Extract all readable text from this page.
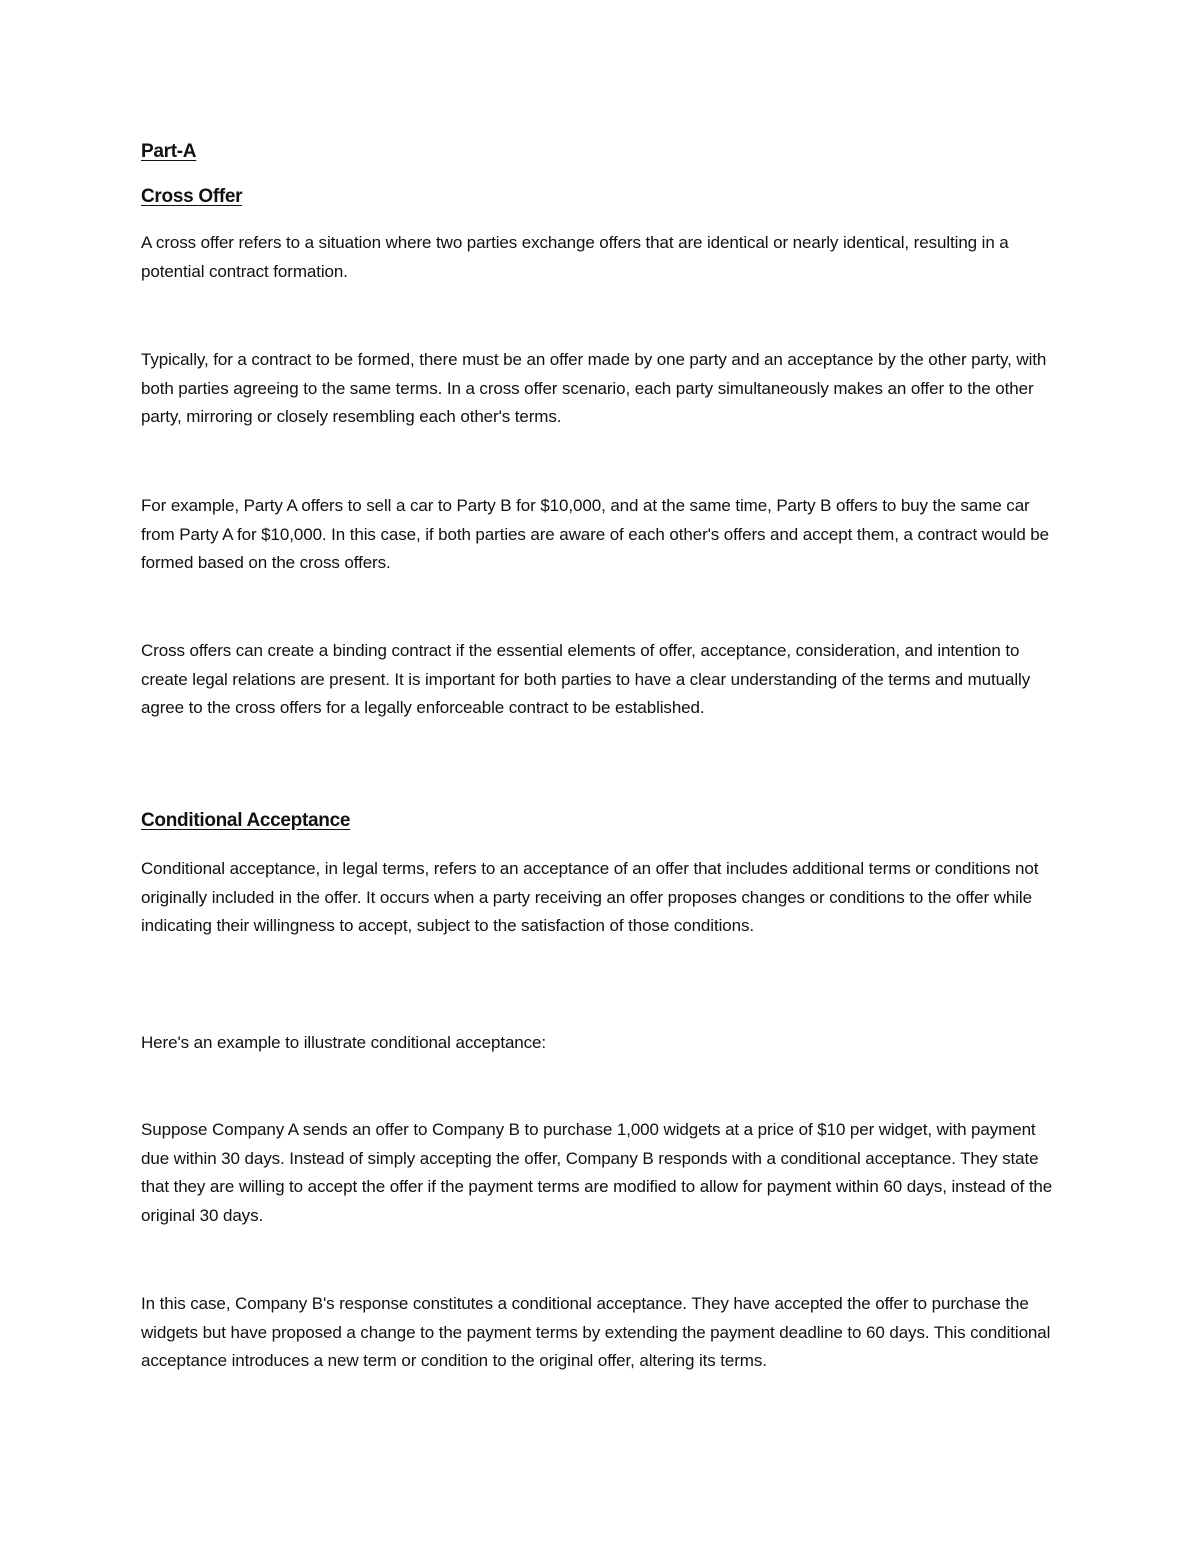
Part-A
Cross Offer

A cross offer refers to a situation where two parties exchange offers that are identical or nearly identical, resulting in a potential contract formation.

Typically, for a contract to be formed, there must be an offer made by one party and an acceptance by the other party, with both parties agreeing to the same terms. In a cross offer scenario, each party simultaneously makes an offer to the other party, mirroring or closely resembling each other's terms.

For example, Party A offers to sell a car to Party B for $10,000, and at the same time, Party B offers to buy the same car from Party A for $10,000. In this case, if both parties are aware of each other's offers and accept them, a contract would be formed based on the cross offers.

Cross offers can create a binding contract if the essential elements of offer, acceptance, consideration, and intention to create legal relations are present. It is important for both parties to have a clear understanding of the terms and mutually agree to the cross offers for a legally enforceable contract to be established.

Conditional Acceptance

Conditional acceptance, in legal terms, refers to an acceptance of an offer that includes additional terms or conditions not originally included in the offer. It occurs when a party receiving an offer proposes changes or conditions to the offer while indicating their willingness to accept, subject to the satisfaction of those conditions.

Here's an example to illustrate conditional acceptance:

Suppose Company A sends an offer to Company B to purchase 1,000 widgets at a price of $10 per widget, with payment due within 30 days. Instead of simply accepting the offer, Company B responds with a conditional acceptance. They state that they are willing to accept the offer if the payment terms are modified to allow for payment within 60 days, instead of the original 30 days.

In this case, Company B's response constitutes a conditional acceptance. They have accepted the offer to purchase the widgets but have proposed a change to the payment terms by extending the payment deadline to 60 days. This conditional acceptance introduces a new term or condition to the original offer, altering its terms.
